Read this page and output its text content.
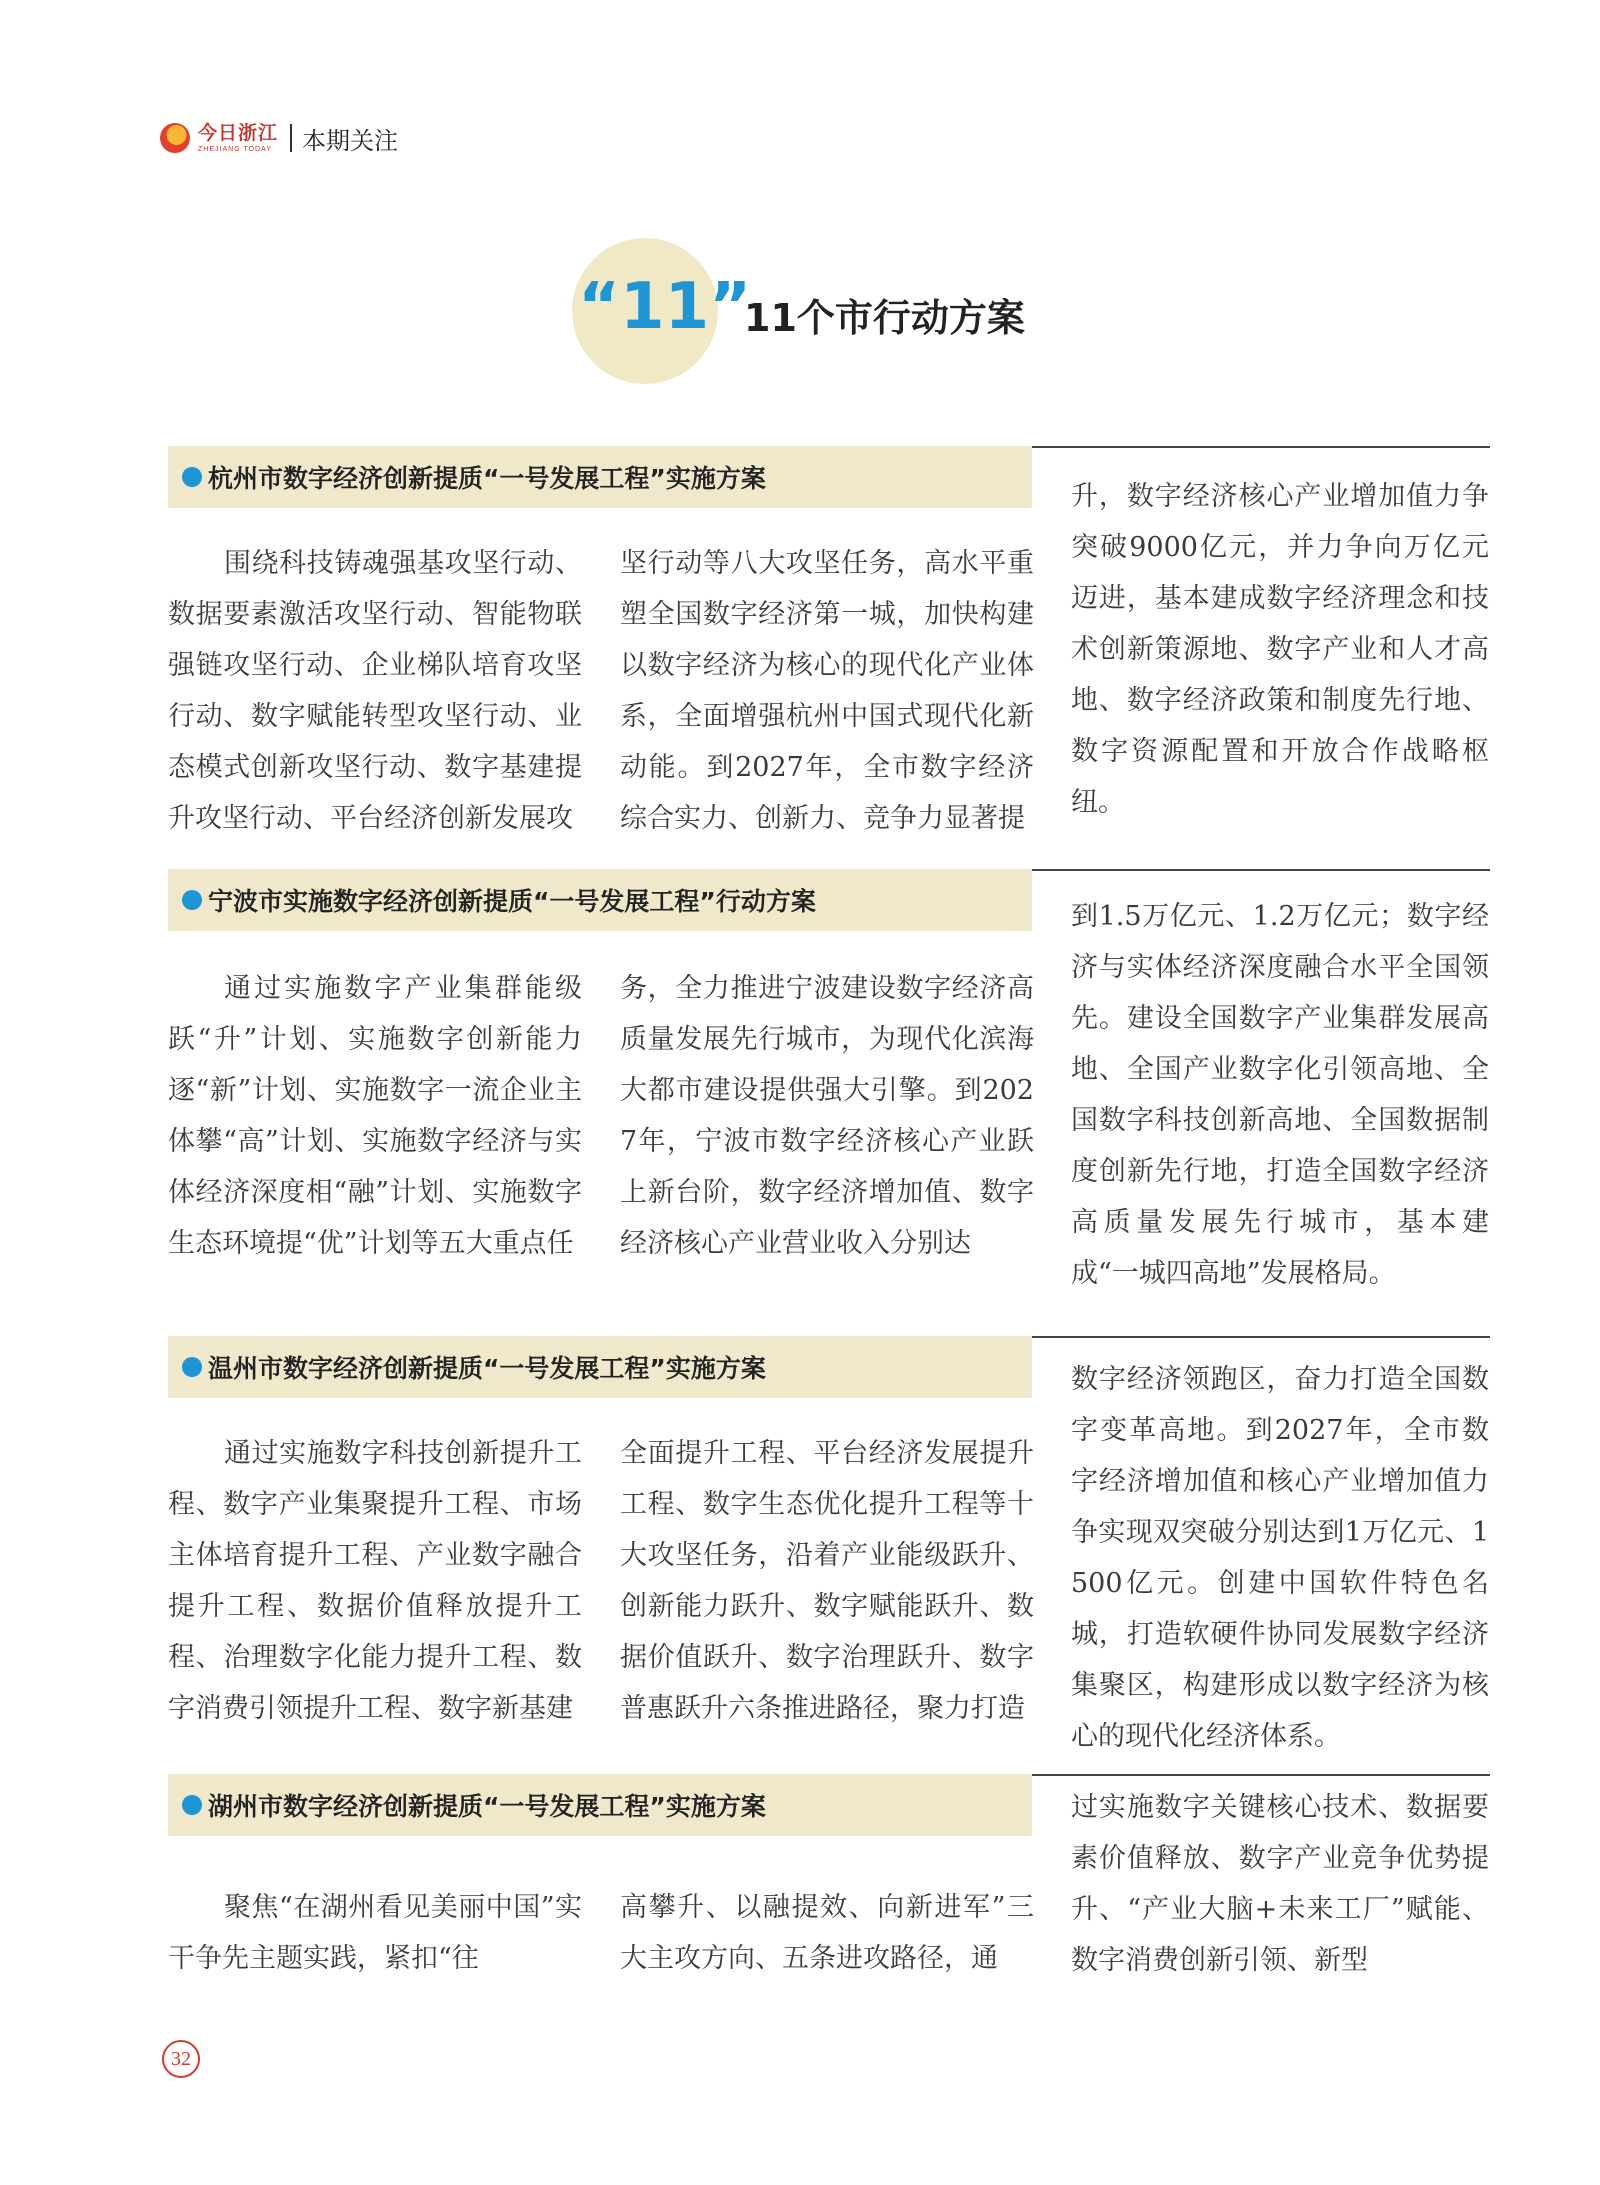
今日浙江
ZHEJIANG TODAY 本期关注
“11”
11个市行动方案
杭州市数字经济创新提质“一号发展工程”实施方案
围绕科技铸魂强基攻坚行动、数据要素激活攻坚行动、智能物联强链攻坚行动、企业梯队培育攻坚行动、数字赋能转型攻坚行动、业态模式创新攻坚行动、数字基建提升攻坚行动、平台经济创新发展攻
坚行动等八大攻坚任务，高水平重塑全国数字经济第一城，加快构建以数字经济为核心的现代化产业体系，全面增强杭州中国式现代化新动能。到2027年，全市数字经济综合实力、创新力、竞争力显著提
升，数字经济核心产业增加值力争突破9000亿元，并力争向万亿元迈进，基本建成数字经济理念和技术创新策源地、数字产业和人才高地、数字经济政策和制度先行地、数字资源配置和开放合作战略枢纽。
宁波市实施数字经济创新提质“一号发展工程”行动方案
通过实施数字产业集群能级跃“升”计划、实施数字创新能力逐“新”计划、实施数字一流企业主体攀“高”计划、实施数字经济与实体经济深度相“融”计划、实施数字生态环境提“优”计划等五大重点任
务，全力推进宁波建设数字经济高质量发展先行城市，为现代化滨海大都市建设提供强大引擎。到2027年，宁波市数字经济核心产业跃上新台阶，数字经济增加值、数字经济核心产业营业收入分别达
到1.5万亿元、1.2万亿元；数字经济与实体经济深度融合水平全国领先。建设全国数字产业集群发展高地、全国产业数字化引领高地、全国数字科技创新高地、全国数据制度创新先行地，打造全国数字经济高质量发展先行城市，基本建成“一城四高地”发展格局。
温州市数字经济创新提质“一号发展工程”实施方案
通过实施数字科技创新提升工程、数字产业集聚提升工程、市场主体培育提升工程、产业数字融合提升工程、数据价值释放提升工程、治理数字化能力提升工程、数字消费引领提升工程、数字新基建
全面提升工程、平台经济发展提升工程、数字生态优化提升工程等十大攻坚任务，沿着产业能级跃升、创新能力跃升、数字赋能跃升、数据价值跃升、数字治理跃升、数字普惠跃升六条推进路径，聚力打造
数字经济领跑区，奋力打造全国数字变革高地。到2027年，全市数字经济增加值和核心产业增加值力争实现双突破分别达到1万亿元、1500亿元。创建中国软件特色名城，打造软硬件协同发展数字经济集聚区，构建形成以数字经济为核心的现代化经济体系。
湖州市数字经济创新提质“一号发展工程”实施方案
聚焦“在湖州看见美丽中国”实干争先主题实践，紧扣“往
高攀升、以融提效、向新进军”三大主攻方向、五条进攻路径，通
过实施数字关键核心技术、数据要素价值释放、数字产业竞争优势提升、“产业大脑+未来工厂”赋能、数字消费创新引领、新型
32
